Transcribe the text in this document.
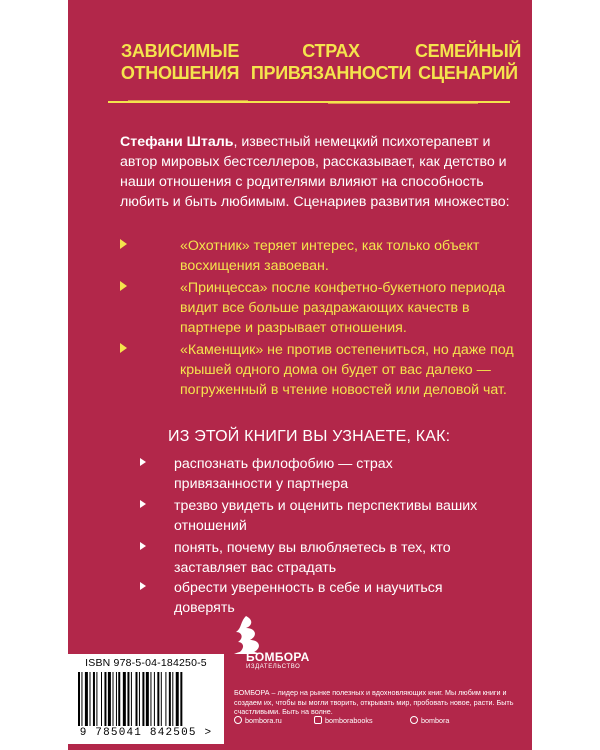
ЗАВИСИМЫЕ
ОТНОШЕНИЯ
СТРАХ
ПРИВЯЗАННОСТИ
СЕМЕЙНЫЙ
СЦЕНАРИЙ
Стефани Шталь, известный немецкий психотерапевт и автор мировых бестселлеров, рассказывает, как детство и наши отношения с родителями влияют на способность любить и быть любимым. Сценариев развития множество:
«Охотник» теряет интерес, как только объект восхищения завоеван.
«Принцесса» после конфетно-букетного периода видит все больше раздражающих качеств в партнере и разрывает отношения.
«Каменщик» не против остепениться, но даже под крышей одного дома он будет от вас далеко — погруженный в чтение новостей или деловой чат.
ИЗ ЭТОЙ КНИГИ ВЫ УЗНАЕТЕ, КАК:
распознать филофобию — страх привязанности у партнера
трезво увидеть и оценить перспективы ваших отношений
понять, почему вы влюбляетесь в тех, кто заставляет вас страдать
обрести уверенность в себе и научиться доверять
ISBN 978-5-04-184250-5
9 785041 842505 >
БОМБОРА
ИЗДАТЕЛЬСТВО
БОМБОРА – лидер на рынке полезных и вдохновляющих книг. Мы любим книги и создаем их, чтобы вы могли творить, открывать мир, пробовать новое, расти. Быть счастливыми. Быть на волне.
bombora.ru	bomborabooks	bombora
